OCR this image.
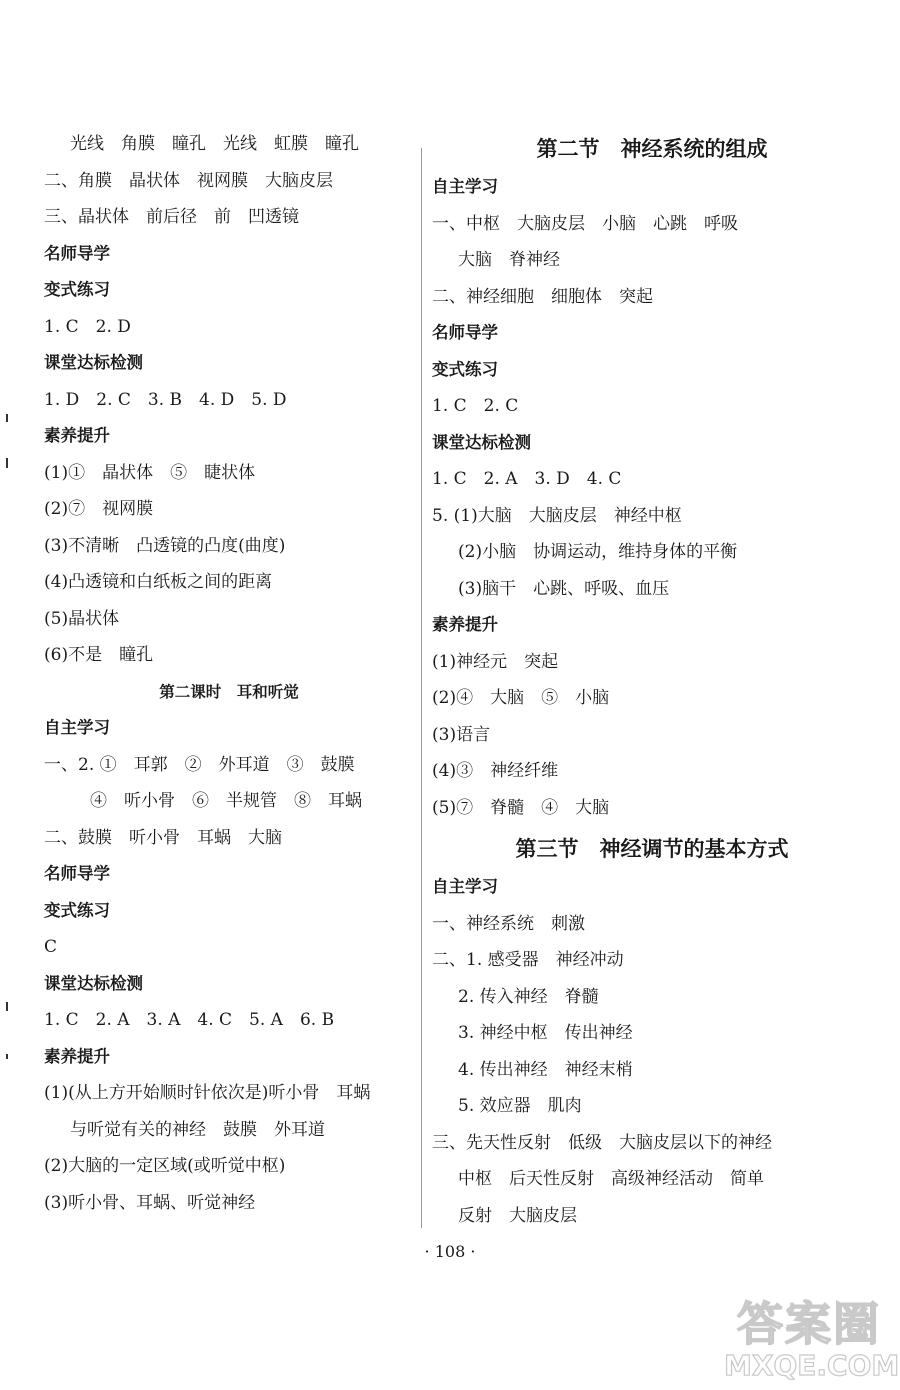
光线　角膜　瞳孔　光线　虹膜　瞳孔
二、角膜　晶状体　视网膜　大脑皮层
三、晶状体　前后径　前　凹透镜
名师导学
变式练习
1. C　2. D
课堂达标检测
1. D　2. C　3. B　4. D　5. D
素养提升
(1)①　晶状体　⑤　睫状体
(2)⑦　视网膜
(3)不清晰　凸透镜的凸度(曲度)
(4)凸透镜和白纸板之间的距离
(5)晶状体
(6)不是　瞳孔
第二课时　耳和听觉
自主学习
一、2. ①　耳郭　②　外耳道　③　鼓膜
④　听小骨　⑥　半规管　⑧　耳蜗
二、鼓膜　听小骨　耳蜗　大脑
名师导学
变式练习
C
课堂达标检测
1. C　2. A　3. A　4. C　5. A　6. B
素养提升
(1)(从上方开始顺时针依次是)听小骨　耳蜗
与听觉有关的神经　鼓膜　外耳道
(2)大脑的一定区域(或听觉中枢)
(3)听小骨、耳蜗、听觉神经
第二节　神经系统的组成
自主学习
一、中枢　大脑皮层　小脑　心跳　呼吸
大脑　脊神经
二、神经细胞　细胞体　突起
名师导学
变式练习
1. C　2. C
课堂达标检测
1. C　2. A　3. D　4. C
5. (1)大脑　大脑皮层　神经中枢
(2)小脑　协调运动，维持身体的平衡
(3)脑干　心跳、呼吸、血压
素养提升
(1)神经元　突起
(2)④　大脑　⑤　小脑
(3)语言
(4)③　神经纤维
(5)⑦　脊髓　④　大脑
第三节　神经调节的基本方式
自主学习
一、神经系统　刺激
二、1. 感受器　神经冲动
2. 传入神经　脊髓
3. 神经中枢　传出神经
4. 传出神经　神经末梢
5. 效应器　肌肉
三、先天性反射　低级　大脑皮层以下的神经
中枢　后天性反射　高级神经活动　简单
反射　大脑皮层
· 108 ·
答案圈
MXQE.COM
